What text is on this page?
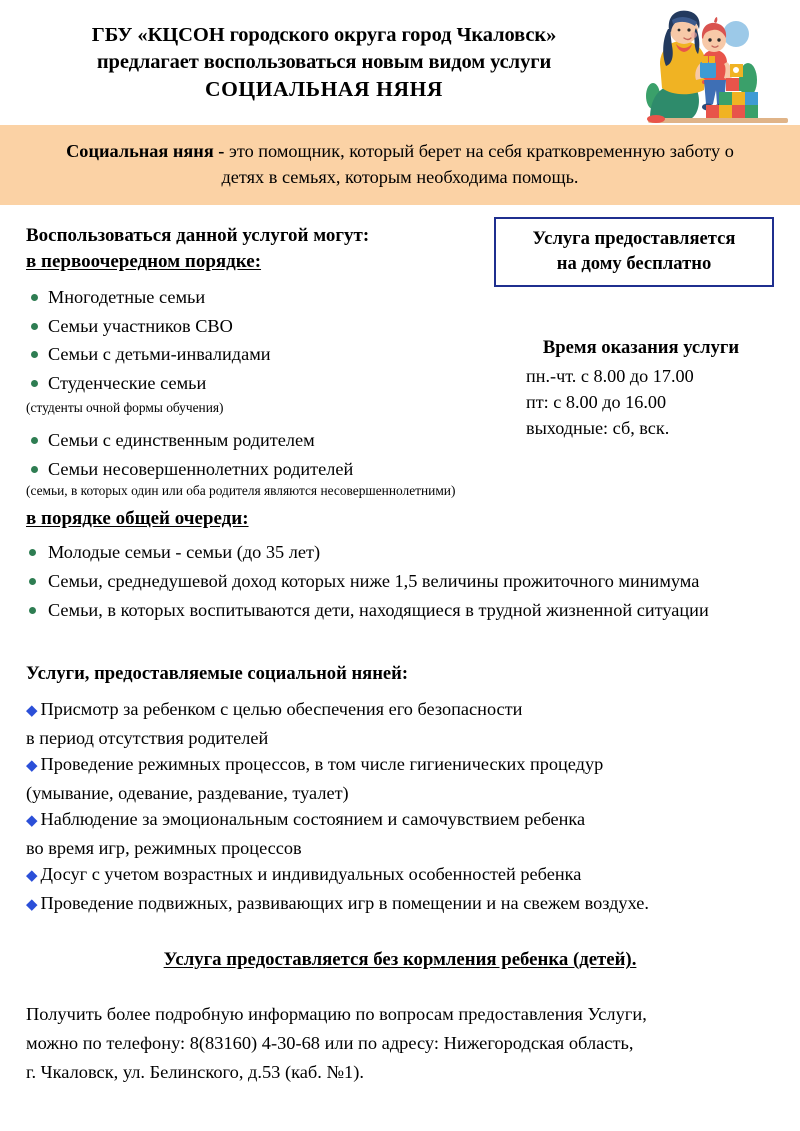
ГБУ «КЦСОН городского округа город Чкаловск»
предлагает воспользоваться новым видом услуги
СОЦИАЛЬНАЯ НЯНЯ
Социальная няня - это помощник, который берет на себя кратковременную заботу о детях в семьях, которым необходима помощь.
Воспользоваться данной услугой могут:
в первоочередном порядке:
Многодетные семьи
Семьи участников СВО
Семьи с детьми-инвалидами
Студенческие семьи
(студенты очной формы обучения)
Семьи с единственным родителем
Семьи несовершеннолетних родителей
Услуга предоставляется
на дому бесплатно
Время оказания услуги
пн.-чт. с 8.00 до 17.00
пт: с 8.00 до 16.00
выходные: сб, вск.
(семьи, в которых один или оба родителя являются несовершеннолетними)
в порядке общей очереди:
Молодые семьи - семьи (до 35 лет)
Семьи, среднедушевой доход которых ниже 1,5 величины прожиточного минимума
Семьи, в которых воспитываются дети, находящиеся в трудной жизненной ситуации
Услуги, предоставляемые социальной няней:
◆ Присмотр за ребенком с целью обеспечения его безопасности
в период отсутствия родителей
◆ Проведение режимных процессов, в том числе гигиенических процедур
(умывание, одевание, раздевание, туалет)
◆ Наблюдение за эмоциональным состоянием и самочувствием ребенка
во время игр, режимных процессов
◆ Досуг с учетом возрастных и индивидуальных особенностей ребенка
◆ Проведение подвижных, развивающих игр в помещении и на свежем воздухе.
Услуга предоставляется без кормления ребенка (детей).
Получить более подробную информацию по вопросам предоставления Услуги,
можно по телефону: 8(83160) 4-30-68 или по адресу: Нижегородская область,
г. Чкаловск, ул. Белинского, д.53 (каб. №1).
